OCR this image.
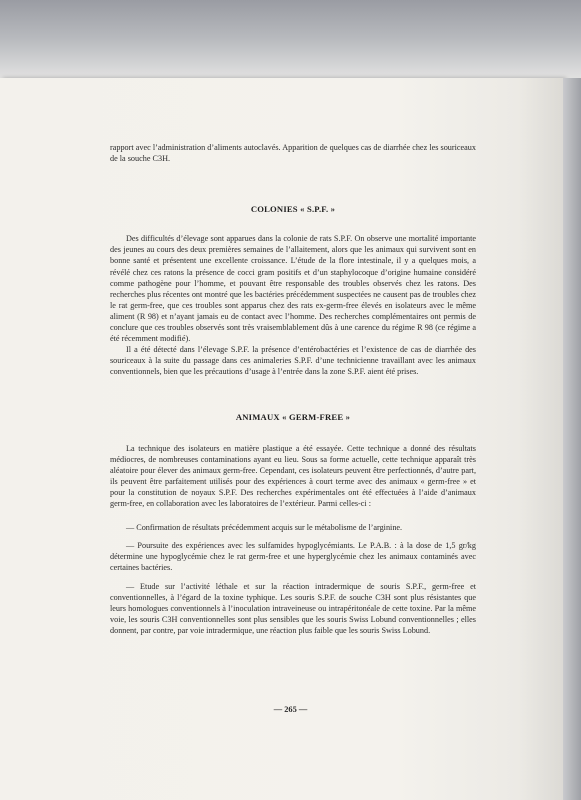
rapport avec l’administration d’aliments autoclavés. Apparition de quelques cas de diarrhée chez les souriceaux de la souche C3H.

COLONIES « S.P.F. »

Des difficultés d’élevage sont apparues dans la colonie de rats S.P.F. On observe une mortalité importante des jeunes au cours des deux premières semaines de l’allaitement, alors que les animaux qui survivent sont en bonne santé et présentent une excellente croissance. L’étude de la flore intestinale, il y a quelques mois, a révélé chez ces ratons la présence de cocci gram positifs et d’un staphylocoque d’origine humaine considéré comme pathogène pour l’homme, et pouvant être responsable des troubles observés chez les ratons. Des recherches plus récentes ont montré que les bactéries précédemment suspectées ne causent pas de troubles chez le rat germ-free, que ces troubles sont apparus chez des rats ex-germ-free élevés en isolateurs avec le même aliment (R 98) et n’ayant jamais eu de contact avec l’homme. Des recherches complémentaires ont permis de conclure que ces troubles observés sont très vraisemblablement dûs à une carence du régime R 98 (ce régime a été récemment modifié).

Il a été détecté dans l’élevage S.P.F. la présence d’entérobactéries et l’existence de cas de diarrhée des souriceaux à la suite du passage dans ces animaleries S.P.F. d’une technicienne travaillant avec les animaux conventionnels, bien que les précautions d’usage à l’entrée dans la zone S.P.F. aient été prises.

ANIMAUX « GERM-FREE »

La technique des isolateurs en matière plastique a été essayée. Cette technique a donné des résultats médiocres, de nombreuses contaminations ayant eu lieu. Sous sa forme actuelle, cette technique apparaît très aléatoire pour élever des animaux germ-free. Cependant, ces isolateurs peuvent être perfectionnés, d’autre part, ils peuvent être parfaitement utilisés pour des expériences à court terme avec des animaux « germ-free » et pour la constitution de noyaux S.P.F. Des recherches expérimentales ont été effectuées à l’aide d’animaux germ-free, en collaboration avec les laboratoires de l’extérieur. Parmi celles-ci :

— Confirmation de résultats précédemment acquis sur le métabolisme de l’arginine.

— Poursuite des expériences avec les sulfamides hypoglycémiants. Le P.A.B. : à la dose de 1,5 gr/kg détermine une hypoglycémie chez le rat germ-free et une hyperglycémie chez les animaux contaminés avec certaines bactéries.

— Etude sur l’activité léthale et sur la réaction intradermique de souris S.P.F., germ-free et conventionnelles, à l’égard de la toxine typhique. Les souris S.P.F. de souche C3H sont plus résistantes que leurs homologues conventionnels à l’inoculation intraveineuse ou intrapéritonéale de cette toxine. Par la même voie, les souris C3H conventionnelles sont plus sensibles que les souris Swiss Lobund conventionnelles ; elles donnent, par contre, par voie intradermique, une réaction plus faible que les souris Swiss Lobund.

— 265 —
